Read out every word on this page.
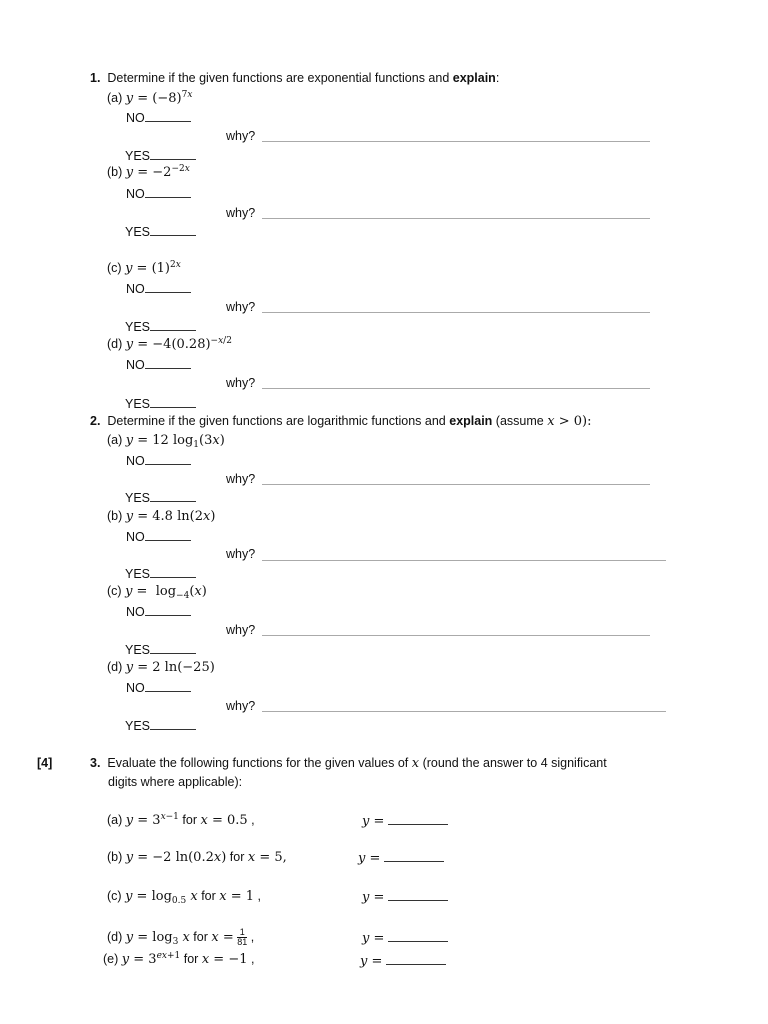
1. Determine if the given functions are exponential functions and explain:
(a) $y = (-8)^{7x}$
NO
why?
YES
(b) $y = -2^{-2x}$
NO
why?
YES
(c) $y = (1)^{2x}$
NO
why?
YES
(d) $y = -4(0.28)^{-x/2}$
NO
why?
YES
2. Determine if the given functions are logarithmic functions and explain (assume x > 0):
(a) y = 12 $\log_1(3x)$
NO
why?
YES
(b) y = 4.8 ln(2x)
NO
why?
YES
(c) $y = \log_{-4}(x)$
NO
why?
YES
(d) y = 2 ln(−25)
NO
why?
YES
[4]	3. Evaluate the following functions for the given values of x (round the answer to 4 significant
digits where applicable):
(a) $y = 3^{x-1}$ for x = 0.5 ,	y =
(b) y = −2 ln(0.2x) for x = 5,	y =
(c) $y = \log_{0.5} x$ for x = 1 ,	y =
(d) $y = \log_3 x$ for $x = \frac{1}{81}$ ,	y =
(e) $y = 3^{ex+1}$ for x = −1 ,	y =
